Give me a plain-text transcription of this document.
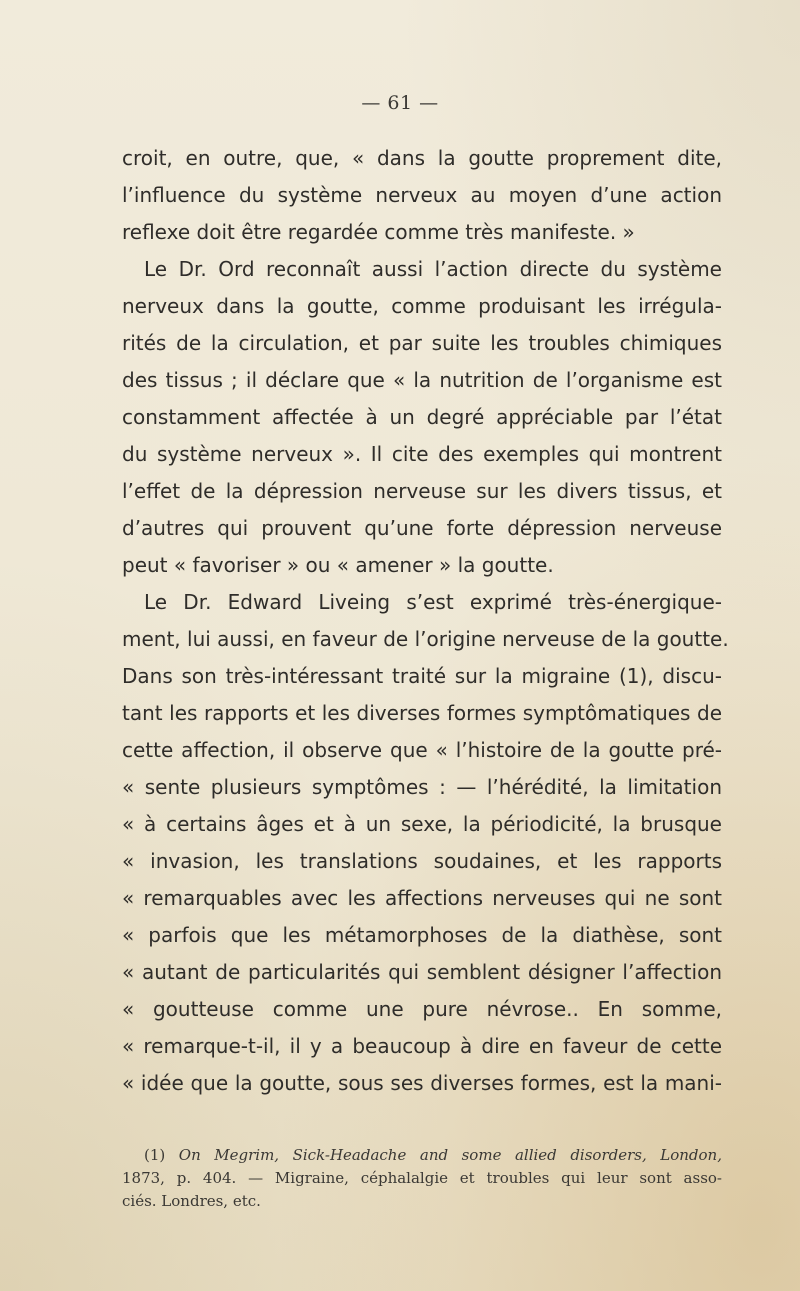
— 61 —
croit, en outre, que, « dans la goutte proprement dite,
l’influence du système nerveux au moyen d’une action
reflexe doit être regardée comme très manifeste. »
Le Dr. Ord reconnaît aussi l’action directe du système
nerveux dans la goutte, comme produisant les irrégula-
rités de la circulation, et par suite les troubles chimiques
des tissus ; il déclare que « la nutrition de l’organisme est
constamment affectée à un degré appréciable par l’état
du système nerveux ». Il cite des exemples qui montrent
l’effet de la dépression nerveuse sur les divers tissus, et
d’autres qui prouvent qu’une forte dépression nerveuse
peut « favoriser » ou « amener » la goutte.
Le Dr. Edward Liveing s’est exprimé très-énergique-
ment, lui aussi, en faveur de l’origine nerveuse de la goutte.
Dans son très-intéressant traité sur la migraine (1), discu-
tant les rapports et les diverses formes symptômatiques de
cette affection, il observe que « l’histoire de la goutte pré-
« sente plusieurs symptômes : — l’hérédité, la limitation
« à certains âges et à un sexe, la périodicité, la brusque
« invasion, les translations soudaines, et les rapports
« remarquables avec les affections nerveuses qui ne sont
« parfois que les métamorphoses de la diathèse, sont
« autant de particularités qui semblent désigner l’affection
« goutteuse comme une pure névrose.. En somme,
« remarque-t-il, il y a beaucoup à dire en faveur de cette
« idée que la goutte, sous ses diverses formes, est la mani-
(1) On Megrim, Sick-Headache and some allied disorders, London,
1873, p. 404. — Migraine, céphalalgie et troubles qui leur sont asso-
ciés. Londres, etc.
